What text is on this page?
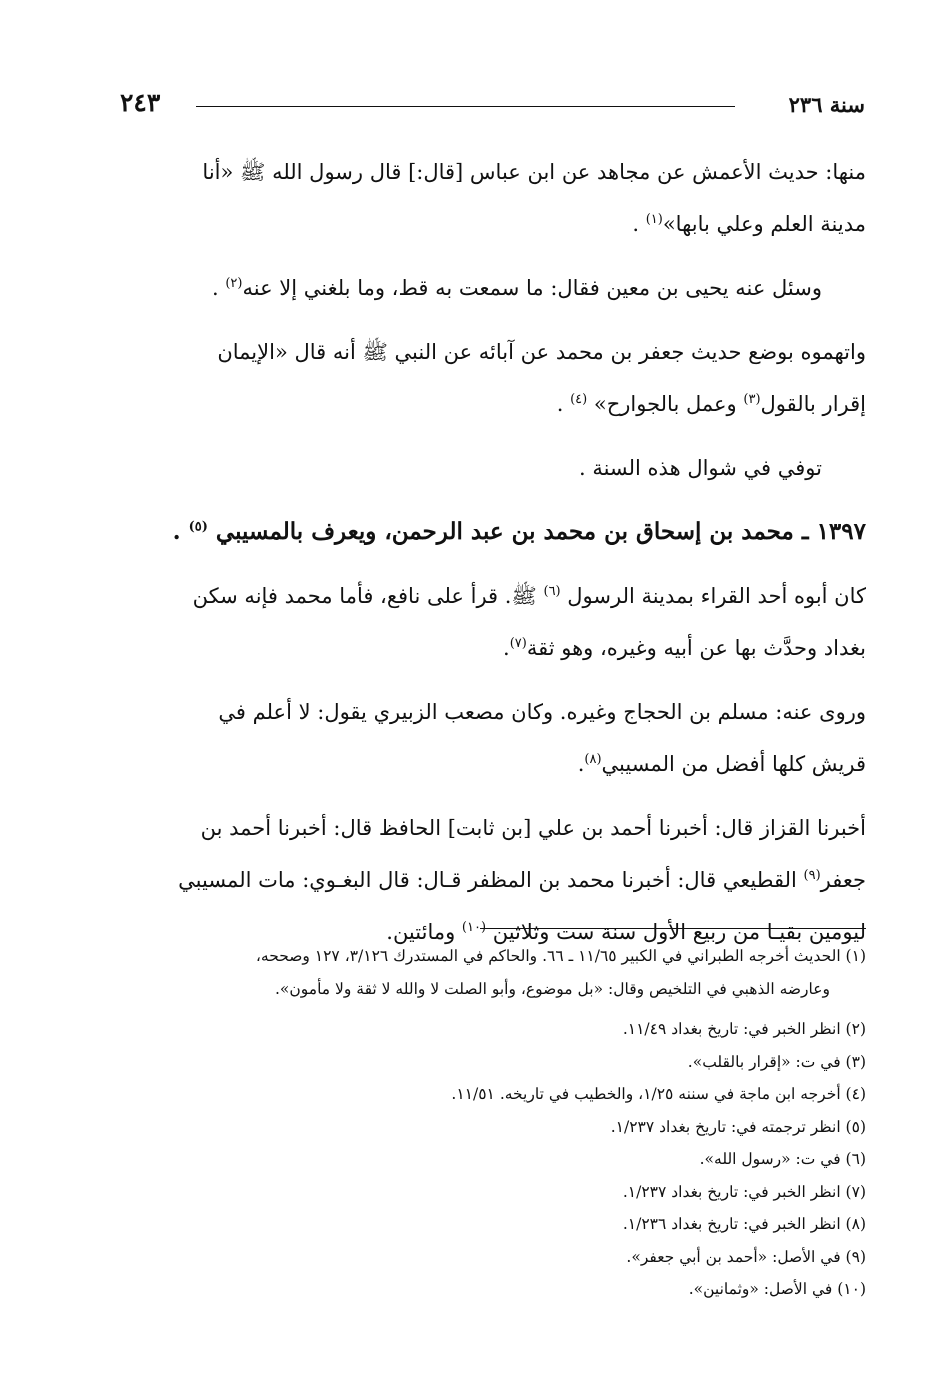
سنة ٢٣٦
٢٤٣

منها: حديث الأعمش عن مجاهد عن ابن عباس [قال:] قال رسول الله ﷺ «أنا
مدينة العلم وعلي بابها»$^{(١)}$ .

وسئل عنه يحيى بن معين فقال: ما سمعت به قط، وما بلغني إلا عنه$^{(٢)}$ .

واتهموه بوضع حديث جعفر بن محمد عن آبائه عن النبي ﷺ أنه قال «الإيمان
إقرار بالقول$^{(٣)}$ وعمل بالجوارح» $^{(٤)}$ .

توفي في شوال هذه السنة .

١٣٩٧ ـ محمد بن إسحاق بن محمد بن عبد الرحمن، ويعرف بالمسيبي $^{(٥)}$ .

كان أبوه أحد القراء بمدينة الرسول $^{(٦)}$ ﷺ. قرأ على نافع، فأما محمد فإنه سكن
بغداد وحدَّث بها عن أبيه وغيره، وهو ثقة$^{(٧)}$.

وروى عنه: مسلم بن الحجاج وغيره. وكان مصعب الزبيري يقول: لا أعلم في
قريش كلها أفضل من المسيبي$^{(٨)}$.

أخبرنا القزاز قال: أخبرنا أحمد بن علي [بن ثابت] الحافظ قال: أخبرنا أحمد بن
جعفر$^{(٩)}$ القطيعي قال: أخبرنا محمد بن المظفر قـال: قال البغـوي: مات المسيبي
ليومين بقيـا من ربيع الأول سنة ست وثلاثين $^{(١٠)}$ ومائتين.

(١) الحديث أخرجه الطبراني في الكبير ١١/٦٥ ـ ٦٦. والحاكم في المستدرك ٣/١٢٦، ١٢٧ وصححه،

وعارضه الذهبي في التلخيص وقال: «بل موضوع، وأبو الصلت لا والله لا ثقة ولا مأمون».

(٢) انظر الخبر في: تاريخ بغداد ١١/٤٩.

(٣) في ت: «إقرار بالقلب».

(٤) أخرجه ابن ماجة في سننه ١/٢٥، والخطيب في تاريخه. ١١/٥١.

(٥) انظر ترجمته في: تاريخ بغداد ١/٢٣٧.

(٦) في ت: «رسول الله».

(٧) انظر الخبر في: تاريخ بغداد ١/٢٣٧.

(٨) انظر الخبر في: تاريخ بغداد ١/٢٣٦.

(٩) في الأصل: «أحمد بن أبي جعفر».

(١٠) في الأصل: «وثمانين».
